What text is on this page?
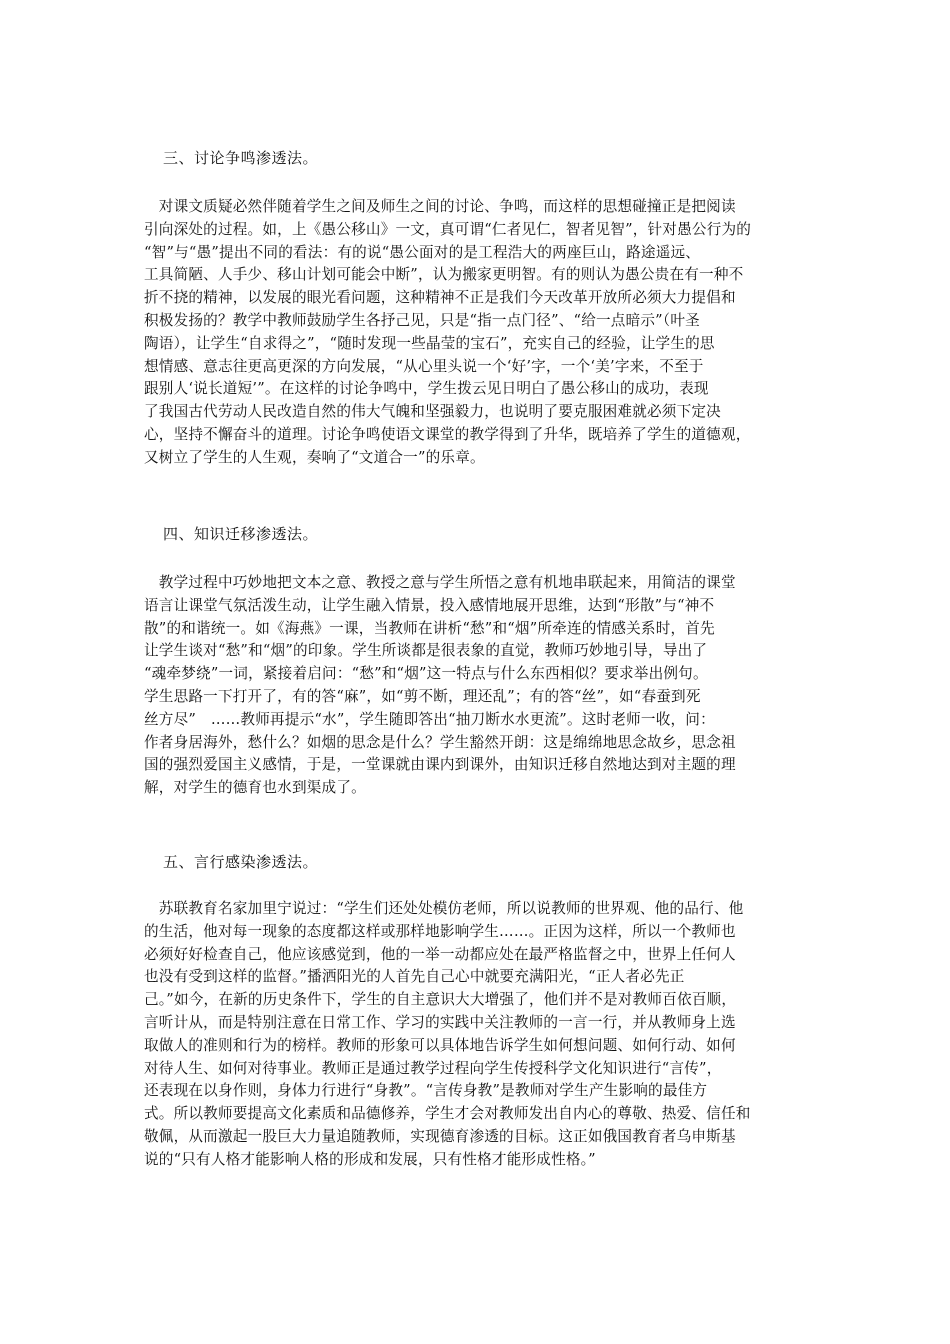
三、讨论争鸣渗透法。
　对课文质疑必然伴随着学生之间及师生之间的讨论、争鸣，而这样的思想碰撞正是把阅读
引向深处的过程。如，上《愚公移山》一文，真可谓“仁者见仁，智者见智”，针对愚公行为的
“智”与“愚”提出不同的看法：有的说“愚公面对的是工程浩大的两座巨山，路途遥远、
工具简陋、人手少、移山计划可能会中断”，认为搬家更明智。有的则认为愚公贵在有一种不
折不挠的精神，以发展的眼光看问题，这种精神不正是我们今天改革开放所必须大力提倡和
积极发扬的？教学中教师鼓励学生各抒己见，只是“指一点门径”、“给一点暗示”（叶圣
陶语），让学生“自求得之”，“随时发现一些晶莹的宝石”，充实自己的经验，让学生的思
想情感、意志往更高更深的方向发展，“从心里头说一个‘好’字，一个‘美’字来，不至于
跟别人‘说长道短’”。在这样的讨论争鸣中，学生拨云见日明白了愚公移山的成功，表现
了我国古代劳动人民改造自然的伟大气魄和坚强毅力，也说明了要克服困难就必须下定决
心，坚持不懈奋斗的道理。讨论争鸣使语文课堂的教学得到了升华，既培养了学生的道德观，
又树立了学生的人生观，奏响了“文道合一”的乐章。
四、知识迁移渗透法。
　教学过程中巧妙地把文本之意、教授之意与学生所悟之意有机地串联起来，用简洁的课堂
语言让课堂气氛活泼生动，让学生融入情景，投入感情地展开思维，达到“形散”与“神不
散”的和谐统一。如《海燕》一课，当教师在讲析“愁”和“烟”所牵连的情感关系时，首先
让学生谈对“愁”和“烟”的印象。学生所谈都是很表象的直觉，教师巧妙地引导，导出了
“魂牵梦绕”一词，紧接着启问：“愁”和“烟”这一特点与什么东西相似？要求举出例句。
学生思路一下打开了，有的答“麻”，如“剪不断，理还乱”；有的答“丝”，如“春蚕到死
丝方尽”　……教师再提示“水”，学生随即答出“抽刀断水水更流”。这时老师一收，问：
作者身居海外，愁什么？如烟的思念是什么？学生豁然开朗：这是绵绵地思念故乡，思念祖
国的强烈爱国主义感情，于是，一堂课就由课内到课外，由知识迁移自然地达到对主题的理
解，对学生的德育也水到渠成了。
五、言行感染渗透法。
　苏联教育名家加里宁说过：“学生们还处处模仿老师，所以说教师的世界观、他的品行、他
的生活，他对每一现象的态度都这样或那样地影响学生……。正因为这样，所以一个教师也
必须好好检查自己，他应该感觉到，他的一举一动都应处在最严格监督之中，世界上任何人
也没有受到这样的监督。”播洒阳光的人首先自己心中就要充满阳光，“正人者必先正
己。”如今，在新的历史条件下，学生的自主意识大大增强了，他们并不是对教师百依百顺，
言听计从，而是特别注意在日常工作、学习的实践中关注教师的一言一行，并从教师身上选
取做人的准则和行为的榜样。教师的形象可以具体地告诉学生如何想问题、如何行动、如何
对待人生、如何对待事业。教师正是通过教学过程向学生传授科学文化知识进行“言传”，
还表现在以身作则，身体力行进行“身教”。“言传身教”是教师对学生产生影响的最佳方
式。所以教师要提高文化素质和品德修养，学生才会对教师发出自内心的尊敬、热爱、信任和
敬佩，从而激起一股巨大力量追随教师，实现德育渗透的目标。这正如俄国教育者乌申斯基
说的“只有人格才能影响人格的形成和发展，只有性格才能形成性格。”
